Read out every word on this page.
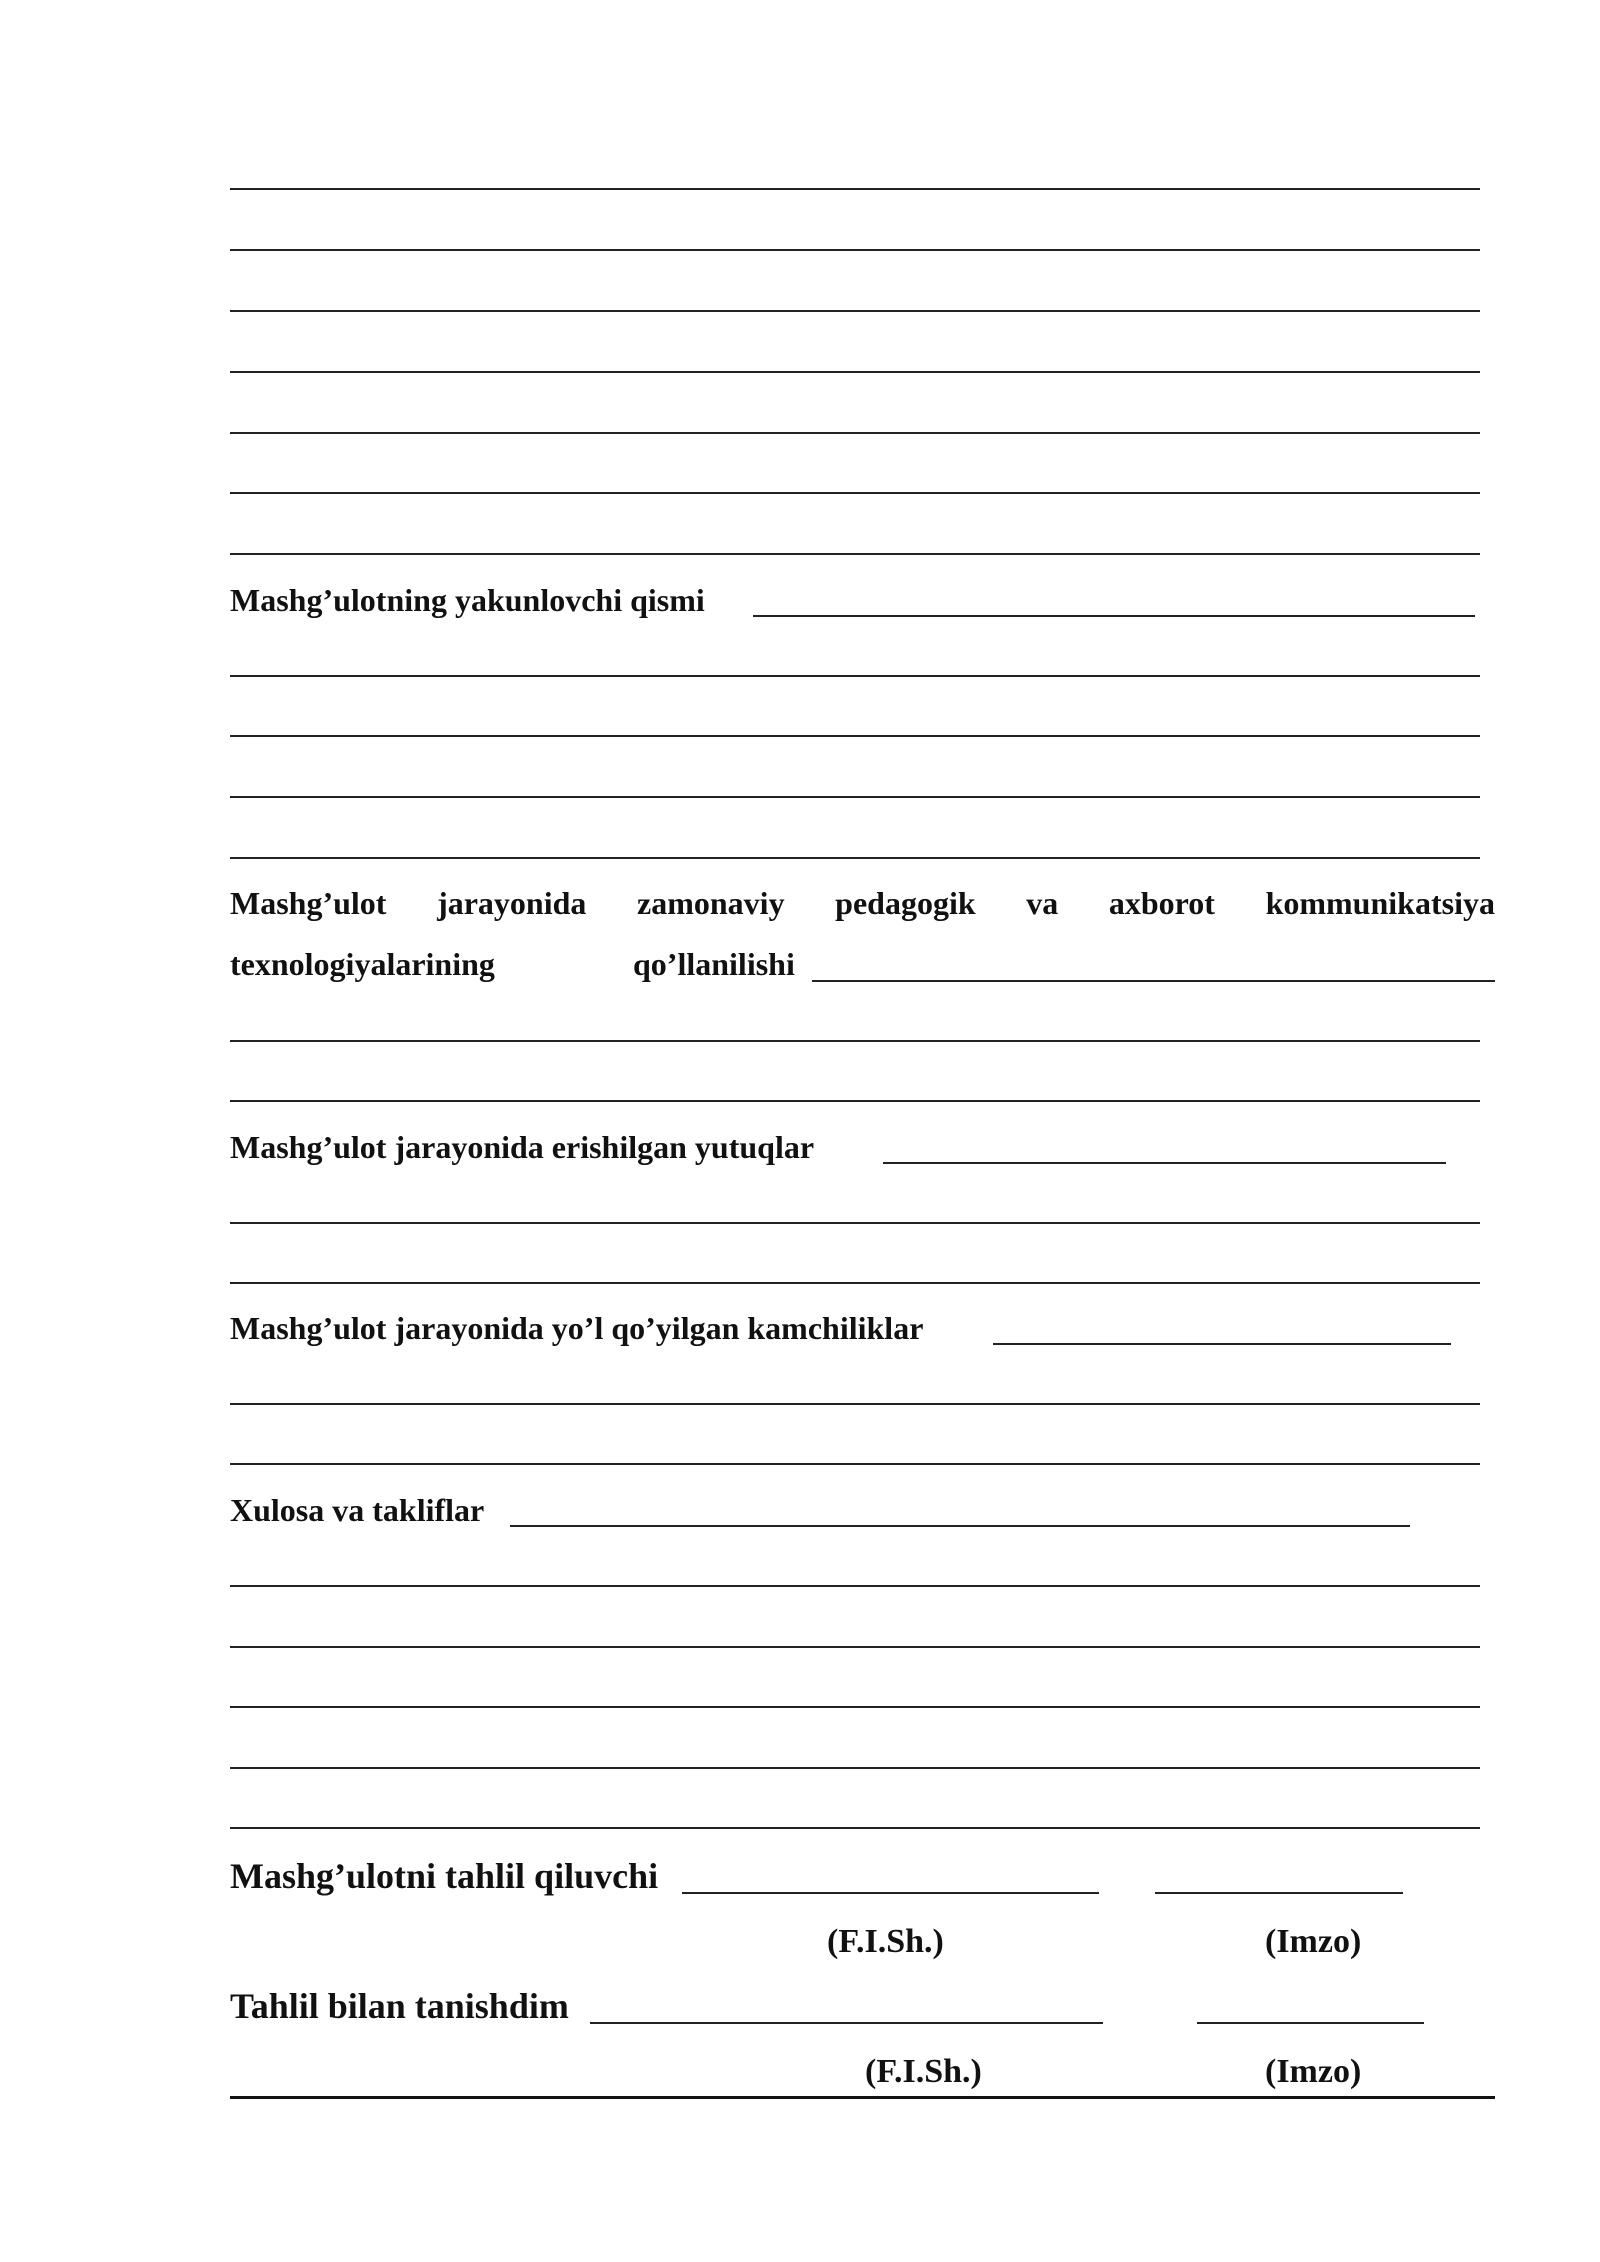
Mashg’ulotning yakunlovchi qismi
Mashg’ulot jarayonida zamonaviy pedagogik va axborot kommunikatsiya
texnologiyalarining	qo’llanilishi
Mashg’ulot jarayonida erishilgan yutuqlar
Mashg’ulot jarayonida yo’l qo’yilgan kamchiliklar
Xulosa va takliflar
Mashg’ulotni tahlil qiluvchi
(F.I.Sh.)	(Imzo)
Tahlil bilan tanishdim
(F.I.Sh.)	(Imzo)
